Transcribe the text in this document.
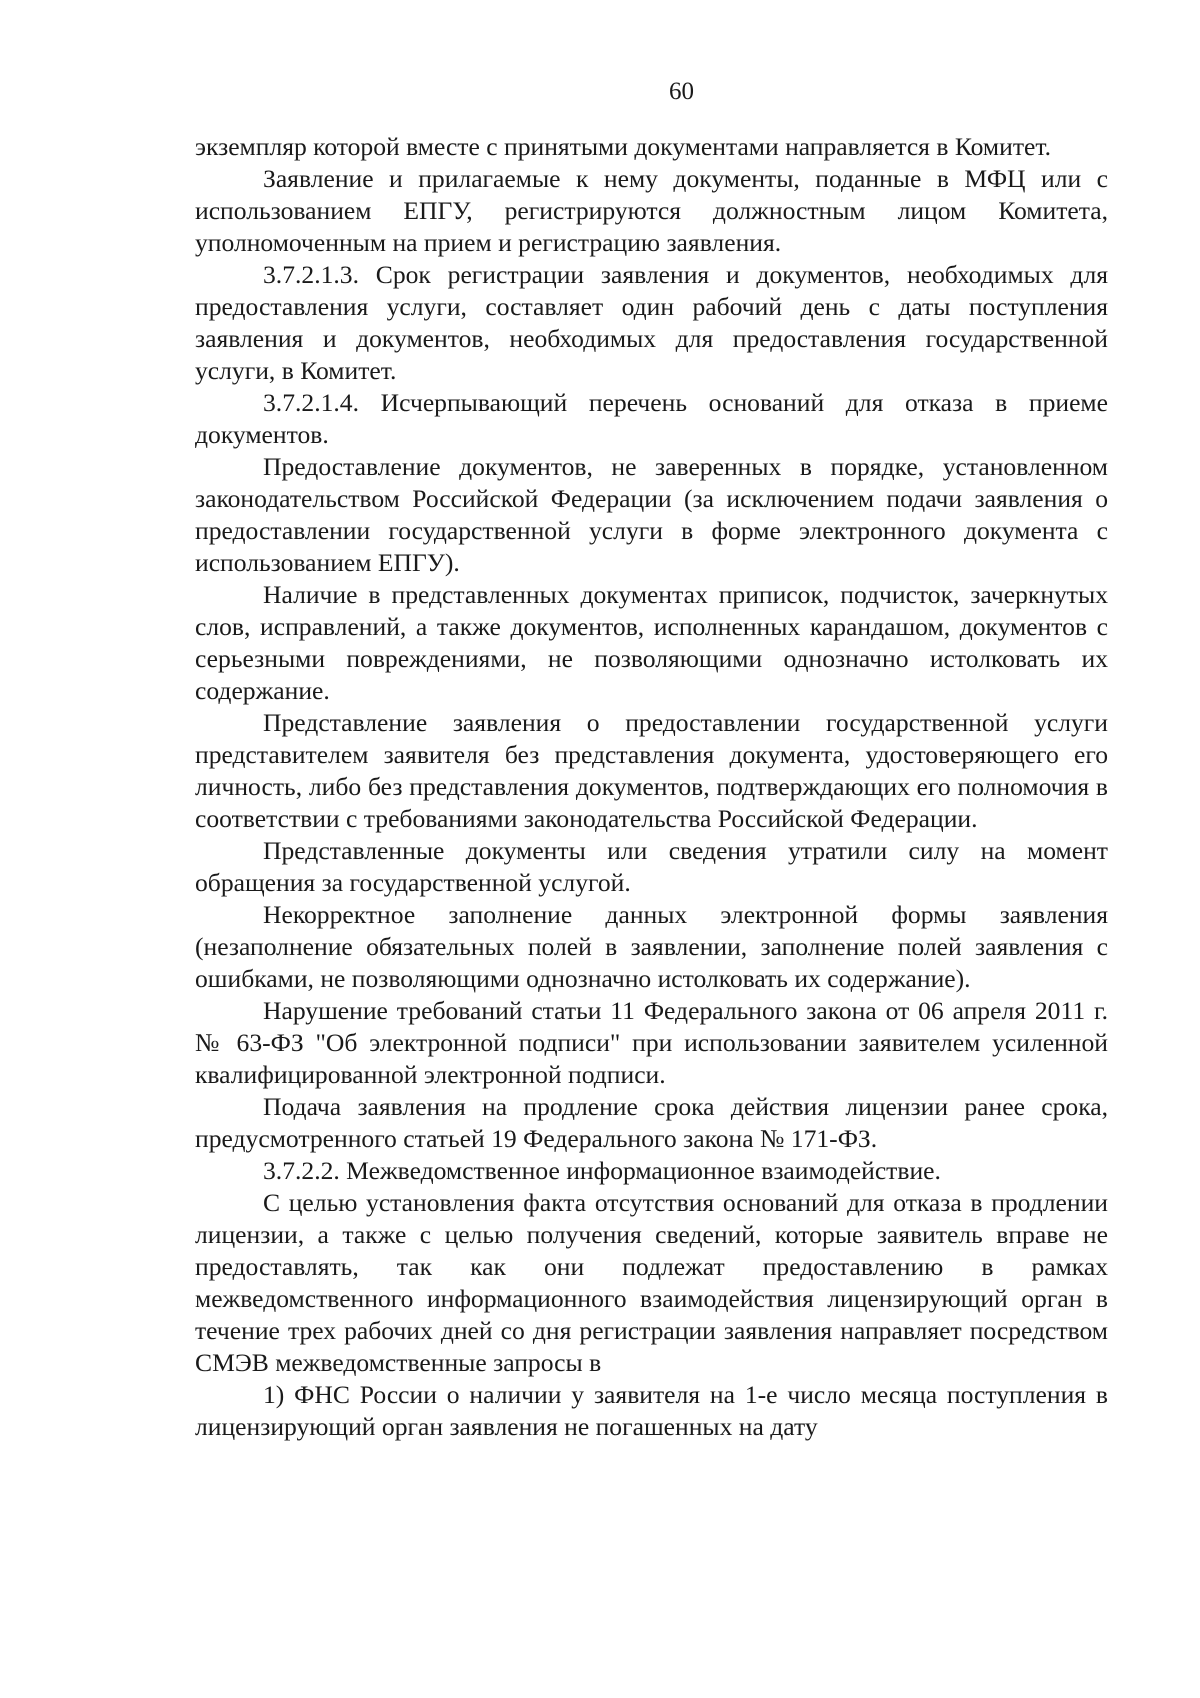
60

экземпляр которой вместе с принятыми документами направляется в Комитет.

Заявление и прилагаемые к нему документы, поданные в МФЦ или с использованием ЕПГУ, регистрируются должностным лицом Комитета, уполномоченным на прием и регистрацию заявления.

3.7.2.1.3. Срок регистрации заявления и документов, необходимых для предоставления услуги, составляет один рабочий день с даты поступления заявления и документов, необходимых для предоставления государственной услуги, в Комитет.

3.7.2.1.4. Исчерпывающий перечень оснований для отказа в приеме документов.

Предоставление документов, не заверенных в порядке, установленном законодательством Российской Федерации (за исключением подачи заявления о предоставлении государственной услуги в форме электронного документа с использованием ЕПГУ).

Наличие в представленных документах приписок, подчисток, зачеркнутых слов, исправлений, а также документов, исполненных карандашом, документов с серьезными повреждениями, не позволяющими однозначно истолковать их содержание.

Представление заявления о предоставлении государственной услуги представителем заявителя без представления документа, удостоверяющего его личность, либо без представления документов, подтверждающих его полномочия в соответствии с требованиями законодательства Российской Федерации.

Представленные документы или сведения утратили силу на момент обращения за государственной услугой.

Некорректное заполнение данных электронной формы заявления (незаполнение обязательных полей в заявлении, заполнение полей заявления с ошибками, не позволяющими однозначно истолковать их содержание).

Нарушение требований статьи 11 Федерального закона от 06 апреля 2011 г. № 63-ФЗ "Об электронной подписи" при использовании заявителем усиленной квалифицированной электронной подписи.

Подача заявления на продление срока действия лицензии ранее срока, предусмотренного статьей 19 Федерального закона № 171-ФЗ.

3.7.2.2. Межведомственное информационное взаимодействие.

С целью установления факта отсутствия оснований для отказа в продлении лицензии, а также с целью получения сведений, которые заявитель вправе не предоставлять, так как они подлежат предоставлению в рамках межведомственного информационного взаимодействия лицензирующий орган в течение трех рабочих дней со дня регистрации заявления направляет посредством СМЭВ межведомственные запросы в

1) ФНС России о наличии у заявителя на 1-е число месяца поступления в лицензирующий орган заявления не погашенных на дату
